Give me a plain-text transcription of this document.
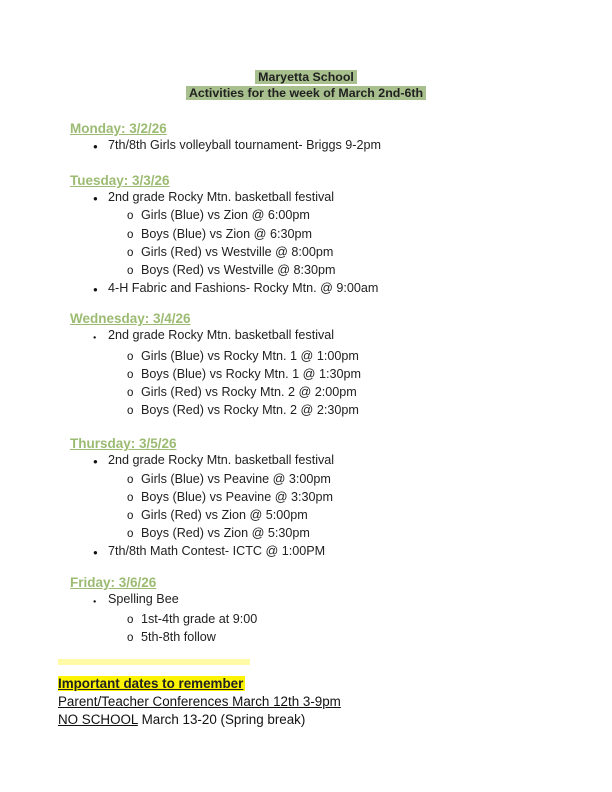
Maryetta School
Activities for the week of March 2nd-6th
Monday: 3/2/26
● 7th/8th Girls volleyball tournament- Briggs 9-2pm
Tuesday: 3/3/26
● 2nd grade Rocky Mtn. basketball festival
o Girls (Blue) vs Zion @ 6:00pm
o Boys (Blue) vs Zion @ 6:30pm
o Girls (Red) vs Westville @ 8:00pm
o Boys (Red) vs Westville @ 8:30pm
● 4-H Fabric and Fashions- Rocky Mtn. @ 9:00am
Wednesday: 3/4/26
● 2nd grade Rocky Mtn. basketball festival
o Girls (Blue) vs Rocky Mtn. 1 @ 1:00pm
o Boys (Blue) vs Rocky Mtn. 1 @ 1:30pm
o Girls (Red) vs Rocky Mtn. 2 @ 2:00pm
o Boys (Red) vs Rocky Mtn. 2 @ 2:30pm
Thursday: 3/5/26
● 2nd grade Rocky Mtn. basketball festival
o Girls (Blue) vs Peavine @ 3:00pm
o Boys (Blue) vs Peavine @ 3:30pm
o Girls (Red) vs Zion @ 5:00pm
o Boys (Red) vs Zion @ 5:30pm
● 7th/8th Math Contest- ICTC @ 1:00PM
Friday: 3/6/26
● Spelling Bee
o 1st-4th grade at 9:00
o 5th-8th follow
Important dates to remember
Parent/Teacher Conferences March 12th 3-9pm
NO SCHOOL March 13-20 (Spring break)
